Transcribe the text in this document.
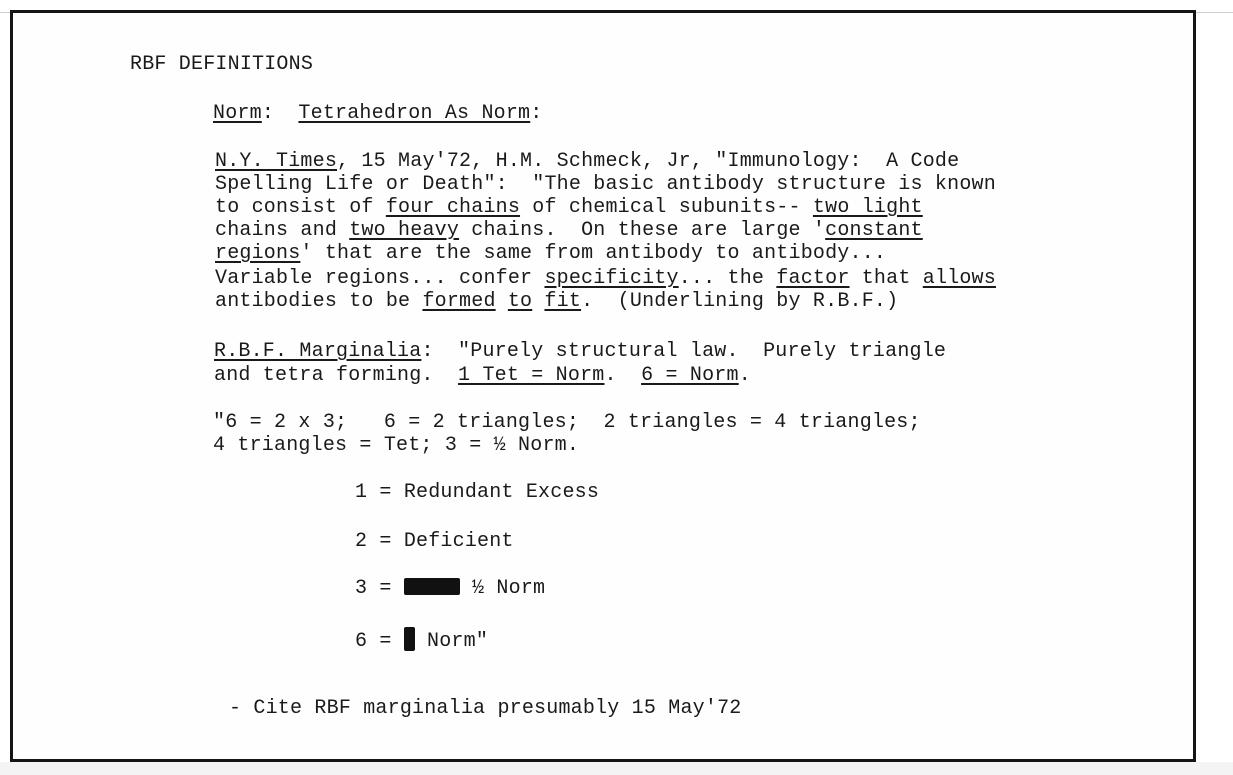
RBF DEFINITIONS
Norm:  Tetrahedron As Norm:
N.Y. Times, 15 May'72, H.M. Schmeck, Jr, "Immunology:  A Code
Spelling Life or Death":  "The basic antibody structure is known
to consist of four chains of chemical subunits-- two light
chains and two heavy chains.  On these are large 'constant
regions' that are the same from antibody to antibody...
Variable regions... confer specificity... the factor that allows
antibodies to be formed to fit.  (Underlining by R.B.F.)
R.B.F. Marginalia:  "Purely structural law.  Purely triangle
and tetra forming.  1 Tet = Norm.  6 = Norm.
"6 = 2 x 3;   6 = 2 triangles;  2 triangles = 4 triangles;
4 triangles = Tet; 3 = ½ Norm.
1 = Redundant Excess
2 = Deficient
3 =	½ Norm
6 =  Norm"
- Cite RBF marginalia presumably 15 May'72
